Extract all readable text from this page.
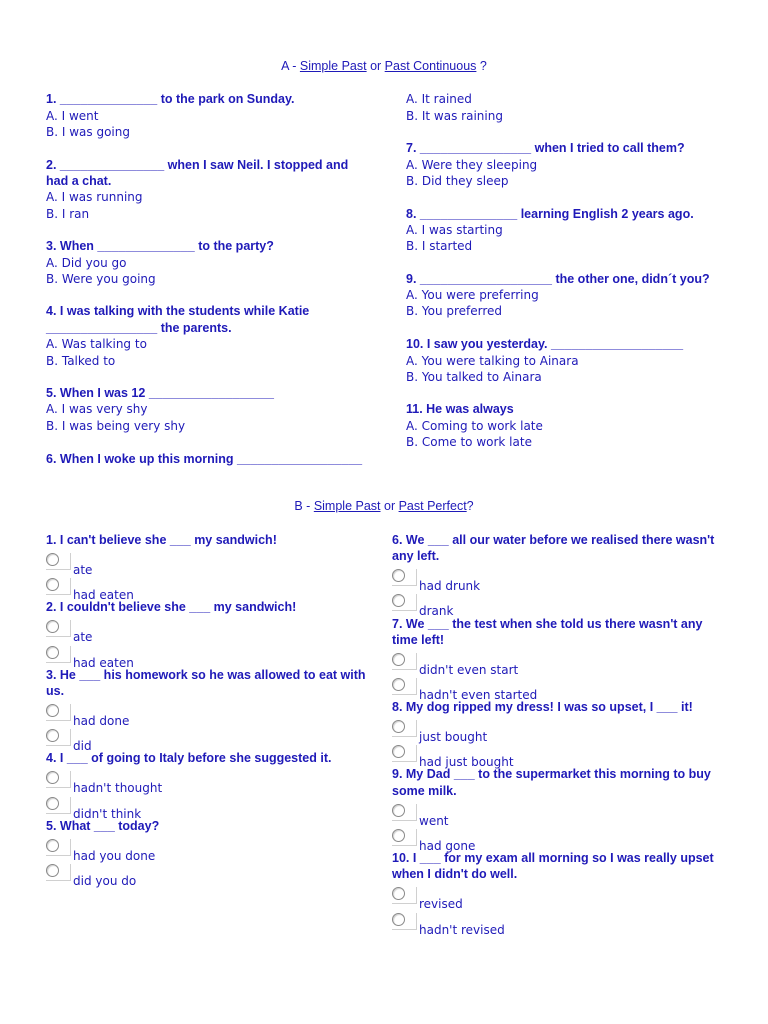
A - Simple Past or Past Continuous ?
1. ______________ to the park on Sunday.
A. I went
B. I was going
2. _______________ when I saw Neil. I stopped and
had a chat.
A. I was running
B. I ran
3. When ______________ to the party?
A. Did you go
B. Were you going
4. I was talking with the students while Katie
________________ the parents.
A. Was talking to
B. Talked to
5. When I was 12 __________________
A. I was very shy
B. I was being very shy
6. When I woke up this morning __________________
A. It rained
B. It was raining
7. ________________ when I tried to call them?
A. Were they sleeping
B. Did they sleep
8. ______________ learning English 2 years ago.
A. I was starting
B. I started
9. ___________________ the other one, didn´t you?
A. You were preferring
B. You preferred
10. I saw you yesterday. ___________________
A. You were talking to Ainara
B. You talked to Ainara
11. He was always
A. Coming to work late
B. Come to work late
B - Simple Past or Past Perfect?
1. I can't believe she ___ my sandwich!
ate
had eaten
2. I couldn't believe she ___ my sandwich!
ate
had eaten
3. He ___ his homework so he was allowed to eat with
us.
had done
did
4. I ___ of going to Italy before she suggested it.
hadn't thought
didn't think
5. What ___ today?
had you done
did you do
6. We ___ all our water before we realised there wasn't
any left.
had drunk
drank
7. We ___ the test when she told us there wasn't any
time left!
didn't even start
hadn't even started
8. My dog ripped my dress! I was so upset, I ___ it!
just bought
had just bought
9. My Dad ___ to the supermarket this morning to buy
some milk.
went
had gone
10. I ___ for my exam all morning so I was really upset
when I didn't do well.
revised
hadn't revised
